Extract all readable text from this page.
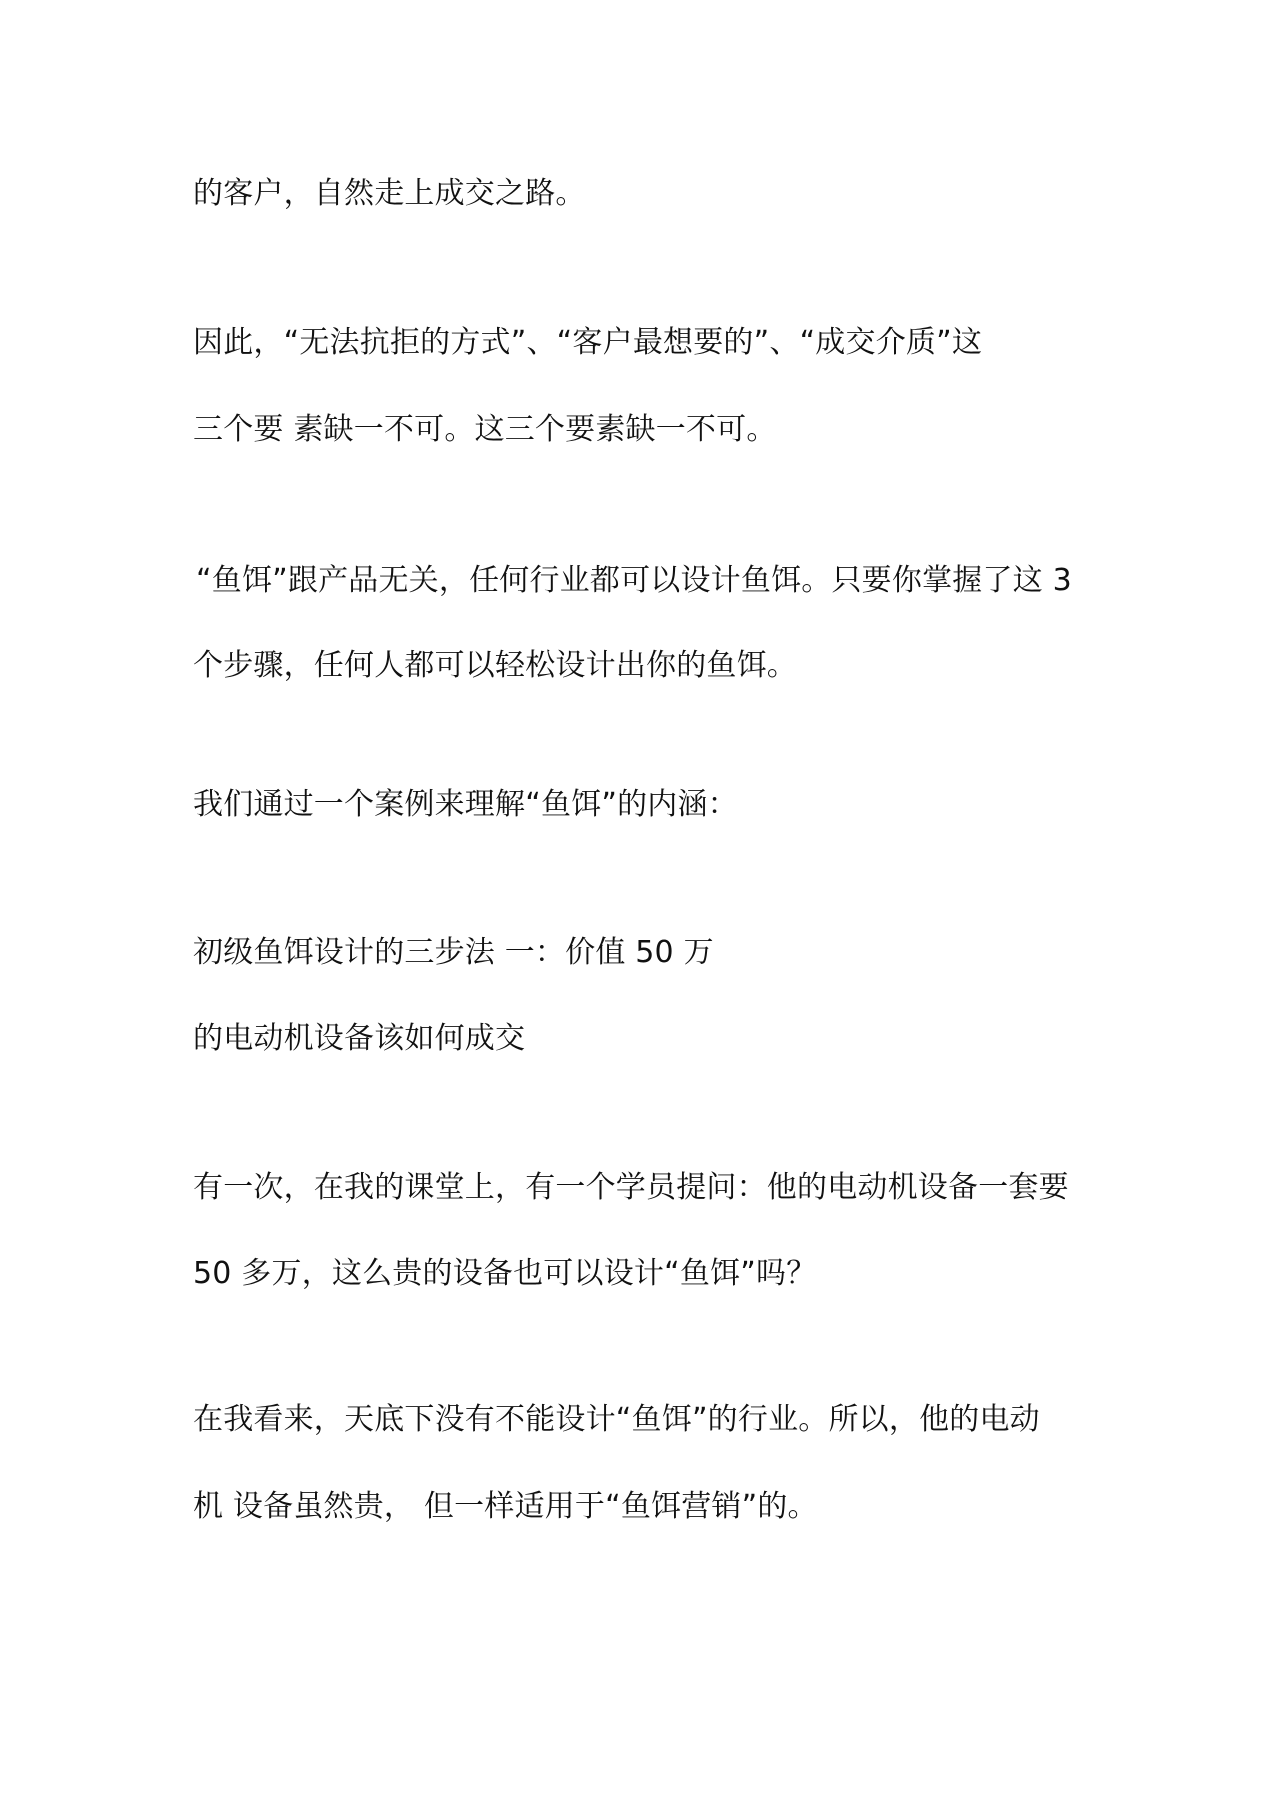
的客户，自然走上成交之路。
因此，“无法抗拒的方式”、“客户最想要的”、“成交介质”这
三个要 素缺一不可。这三个要素缺一不可。
“鱼饵”跟产品无关，任何行业都可以设计鱼饵。只要你掌握了这 3
个步骤，任何人都可以轻松设计出你的鱼饵。
我们通过一个案例来理解“鱼饵”的内涵：
初级鱼饵设计的三步法 一：价值 50 万
的电动机设备该如何成交
有一次，在我的课堂上，有一个学员提问：他的电动机设备一套要
50 多万，这么贵的设备也可以设计“鱼饵”吗？
在我看来，天底下没有不能设计“鱼饵”的行业。所以，他的电动
机 设备虽然贵， 但一样适用于“鱼饵营销”的。
